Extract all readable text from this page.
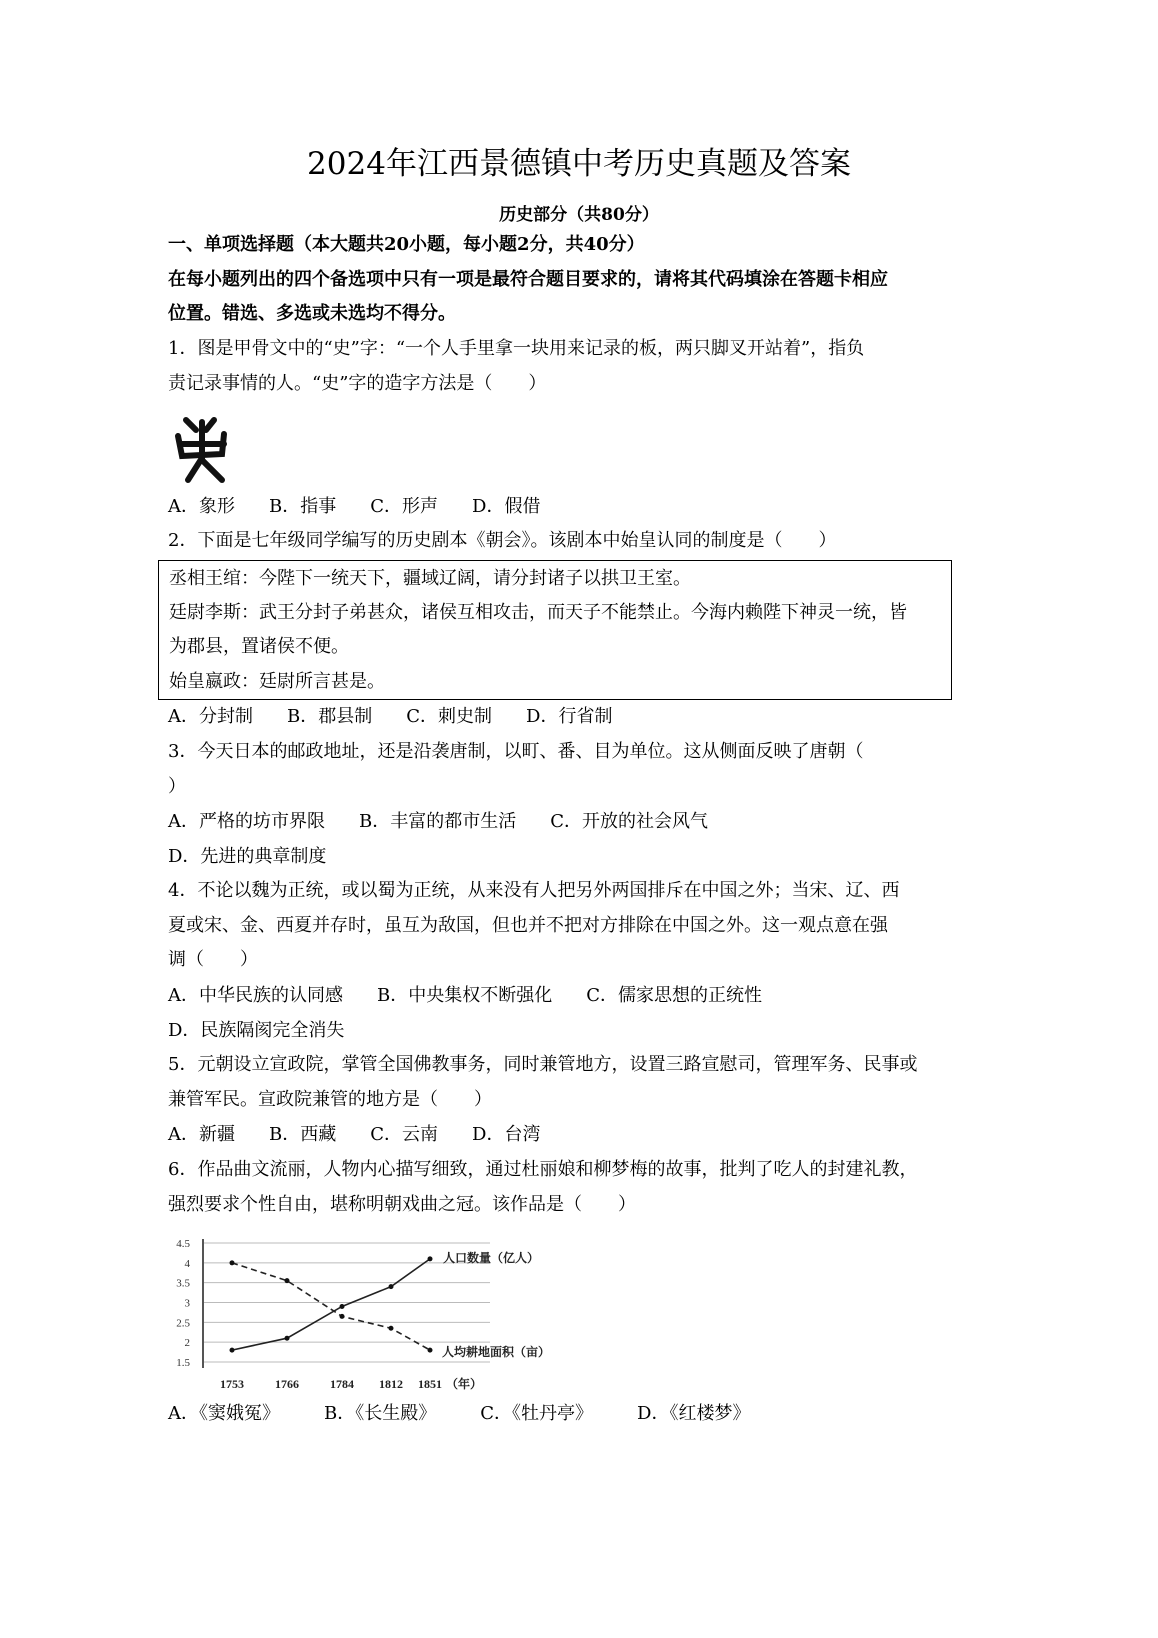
2024年江西景德镇中考历史真题及答案
历史部分（共80分）
一、单项选择题（本大题共20小题，每小题2分，共40分）
在每小题列出的四个备选项中只有一项是最符合题目要求的，请将其代码填涂在答题卡相应
位置。错选、多选或未选均不得分。
1．图是甲骨文中的“史”字：“一个人手里拿一块用来记录的板，两只脚叉开站着”，指负
责记录事情的人。“史”字的造字方法是（　　）
A．象形 B．指事 C．形声 D．假借
2．下面是七年级同学编写的历史剧本《朝会》。该剧本中始皇认同的制度是（　　）
丞相王绾：今陛下一统天下，疆域辽阔，请分封诸子以拱卫王室。
廷尉李斯：武王分封子弟甚众，诸侯互相攻击，而天子不能禁止。今海内赖陛下神灵一统，皆
为郡县，置诸侯不便。
始皇嬴政：廷尉所言甚是。
A．分封制 B．郡县制 C．刺史制 D．行省制
3．今天日本的邮政地址，还是沿袭唐制，以町、番、目为单位。这从侧面反映了唐朝（
）
A．严格的坊市界限 B．丰富的都市生活 C．开放的社会风气
D．先进的典章制度
4．不论以魏为正统，或以蜀为正统，从来没有人把另外两国排斥在中国之外；当宋、辽、西
夏或宋、金、西夏并存时，虽互为敌国，但也并不把对方排除在中国之外。这一观点意在强
调（　　）
A．中华民族的认同感 B．中央集权不断强化 C．儒家思想的正统性
D．民族隔阂完全消失
5．元朝设立宣政院，掌管全国佛教事务，同时兼管地方，设置三路宣慰司，管理军务、民事或
兼管军民。宣政院兼管的地方是（　　）
A．新疆 B．西藏 C．云南 D．台湾
6．作品曲文流丽，人物内心描写细致，通过杜丽娘和柳梦梅的故事，批判了吃人的封建礼教，
强烈要求个性自由，堪称明朝戏曲之冠。该作品是（　　）
1.5
2
2.5
3
3.5
4
4.5
1753	1766	1784 1812 1851 （年）
人口数量（亿人）
人均耕地面积（亩）
A．《窦娥冤》 B．《长生殿》 C．《牡丹亭》 D．《红楼梦》
